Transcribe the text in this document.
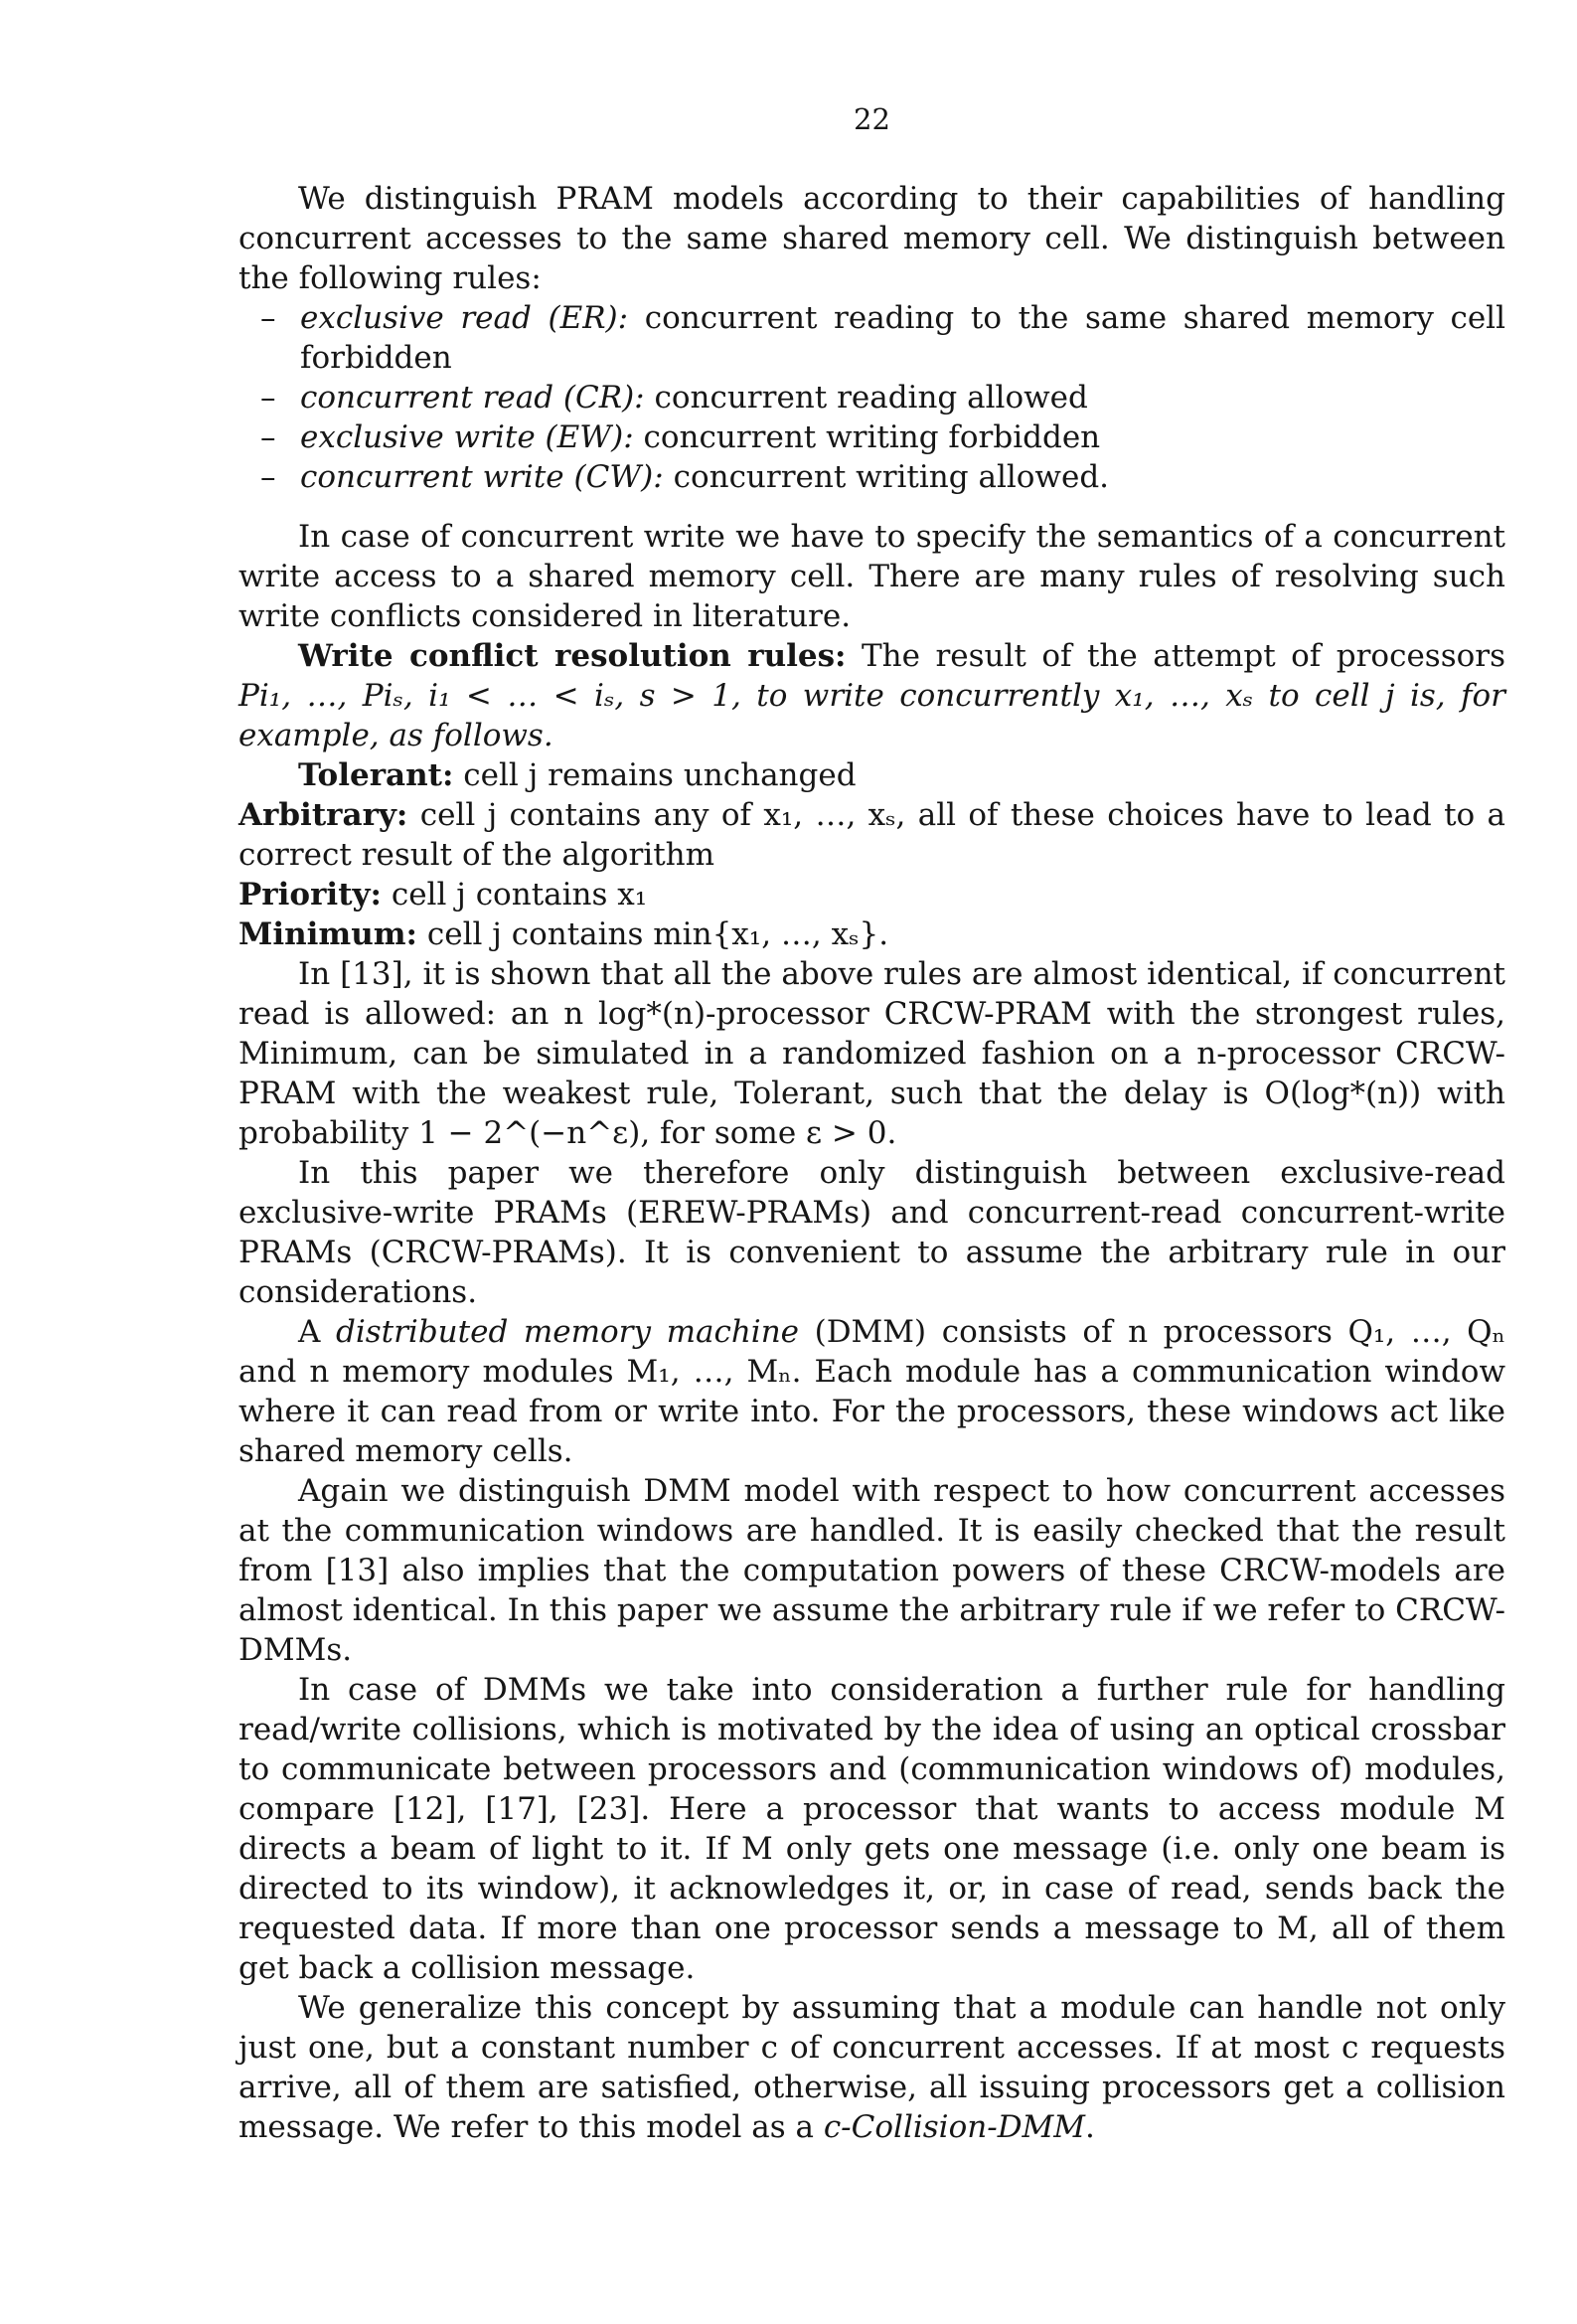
22

We distinguish PRAM models according to their capabilities of handling concurrent accesses to the same shared memory cell. We distinguish between the following rules:

– exclusive read (ER): concurrent reading to the same shared memory cell forbidden
– concurrent read (CR): concurrent reading allowed
– exclusive write (EW): concurrent writing forbidden
– concurrent write (CW): concurrent writing allowed.

In case of concurrent write we have to specify the semantics of a concurrent write access to a shared memory cell. There are many rules of resolving such write conflicts considered in literature.

Write conflict resolution rules: The result of the attempt of processors Pi₁, …, Piₛ, i₁ < … < iₛ, s > 1, to write concurrently x₁, …, xₛ to cell j is, for example, as follows.

Tolerant: cell j remains unchanged

Arbitrary: cell j contains any of x₁, …, xₛ, all of these choices have to lead to a correct result of the algorithm

Priority: cell j contains x₁

Minimum: cell j contains min{x₁, …, xₛ}.

In [13], it is shown that all the above rules are almost identical, if concurrent read is allowed: an n log*(n)-processor CRCW-PRAM with the strongest rules, Minimum, can be simulated in a randomized fashion on a n-processor CRCW-PRAM with the weakest rule, Tolerant, such that the delay is O(log*(n)) with probability 1 − 2^(−n^ε), for some ε > 0.

In this paper we therefore only distinguish between exclusive-read exclusive-write PRAMs (EREW-PRAMs) and concurrent-read concurrent-write PRAMs (CRCW-PRAMs). It is convenient to assume the arbitrary rule in our considerations.

A distributed memory machine (DMM) consists of n processors Q₁, …, Qₙ and n memory modules M₁, …, Mₙ. Each module has a communication window where it can read from or write into. For the processors, these windows act like shared memory cells.

Again we distinguish DMM model with respect to how concurrent accesses at the communication windows are handled. It is easily checked that the result from [13] also implies that the computation powers of these CRCW-models are almost identical. In this paper we assume the arbitrary rule if we refer to CRCW-DMMs.

In case of DMMs we take into consideration a further rule for handling read/write collisions, which is motivated by the idea of using an optical crossbar to communicate between processors and (communication windows of) modules, compare [12], [17], [23]. Here a processor that wants to access module M directs a beam of light to it. If M only gets one message (i.e. only one beam is directed to its window), it acknowledges it, or, in case of read, sends back the requested data. If more than one processor sends a message to M, all of them get back a collision message.

We generalize this concept by assuming that a module can handle not only just one, but a constant number c of concurrent accesses. If at most c requests arrive, all of them are satisfied, otherwise, all issuing processors get a collision message. We refer to this model as a c-Collision-DMM.
